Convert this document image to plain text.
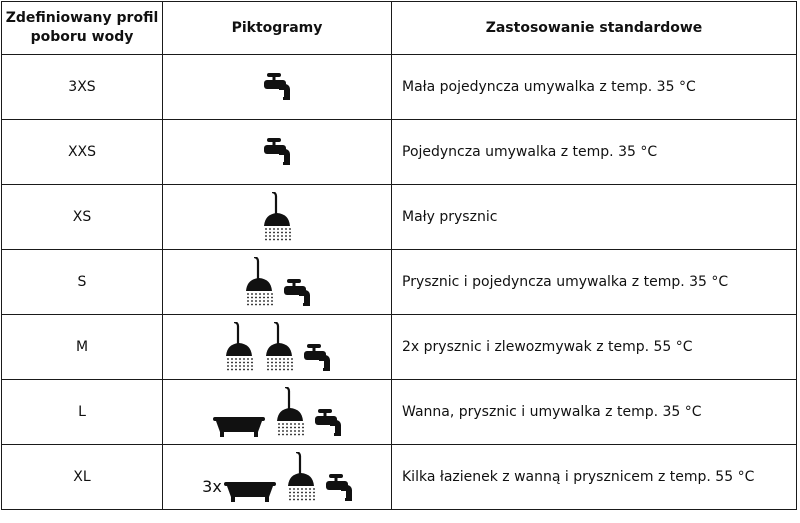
Zdefiniowany profil poboru wody	Piktogramy	Zastosowanie standardowe
3XS		Mała pojedyncza umywalka z temp. 35 °C
XXS		Pojedyncza umywalka z temp. 35 °C
XS		Mały prysznic
S		Prysznic i pojedyncza umywalka z temp. 35 °C
M		2x prysznic i zlewozmywak z temp. 55 °C
L		Wanna, prysznic i umywalka z temp. 35 °C
XL	3x	Kilka łazienek z wanną i prysznicem z temp. 55 °C
